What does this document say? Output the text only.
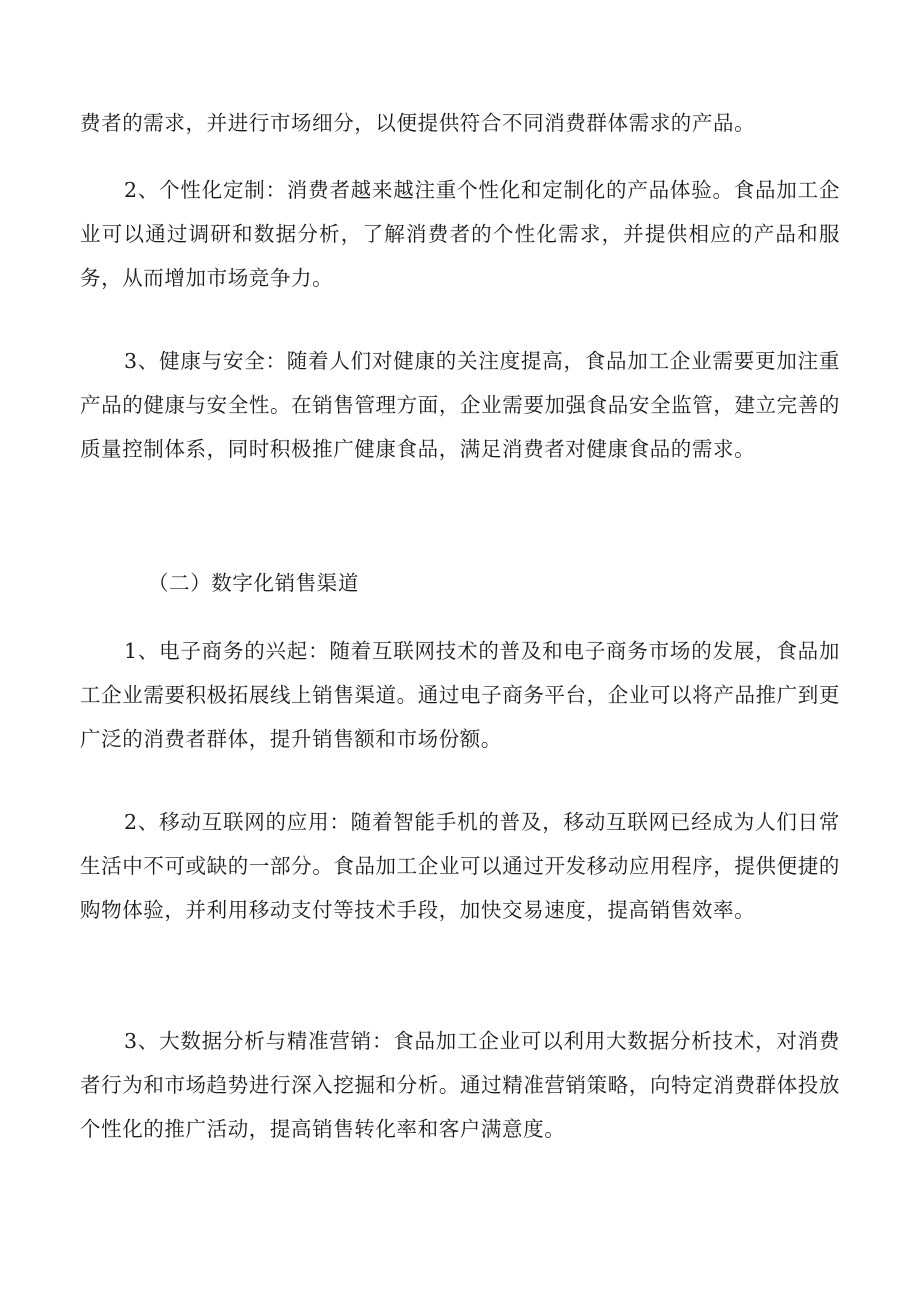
费者的需求，并进行市场细分，以便提供符合不同消费群体需求的产品。

2、个性化定制：消费者越来越注重个性化和定制化的产品体验。食品加工企业可以通过调研和数据分析，了解消费者的个性化需求，并提供相应的产品和服务，从而增加市场竞争力。

3、健康与安全：随着人们对健康的关注度提高，食品加工企业需要更加注重产品的健康与安全性。在销售管理方面，企业需要加强食品安全监管，建立完善的质量控制体系，同时积极推广健康食品，满足消费者对健康食品的需求。

（二）数字化销售渠道

1、电子商务的兴起：随着互联网技术的普及和电子商务市场的发展，食品加工企业需要积极拓展线上销售渠道。通过电子商务平台，企业可以将产品推广到更广泛的消费者群体，提升销售额和市场份额。

2、移动互联网的应用：随着智能手机的普及，移动互联网已经成为人们日常生活中不可或缺的一部分。食品加工企业可以通过开发移动应用程序，提供便捷的购物体验，并利用移动支付等技术手段，加快交易速度，提高销售效率。

3、大数据分析与精准营销：食品加工企业可以利用大数据分析技术，对消费者行为和市场趋势进行深入挖掘和分析。通过精准营销策略，向特定消费群体投放个性化的推广活动，提高销售转化率和客户满意度。
